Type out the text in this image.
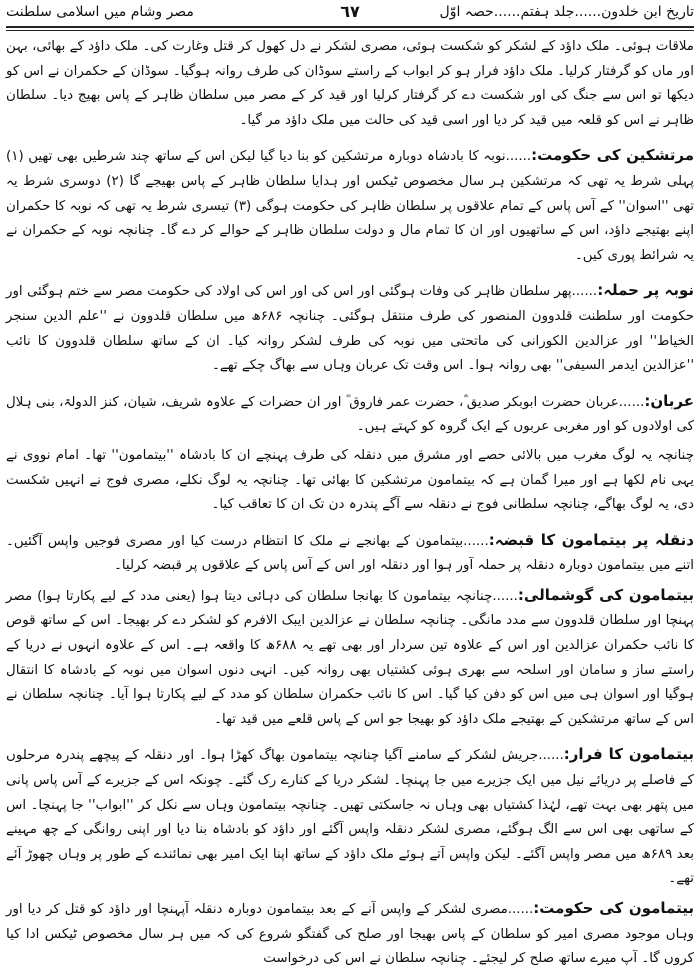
تاریخ ابن خلدون......جلد ہفتم......حصہ اوّل
٦٧
مصر وشام میں اسلامی سلطنت

ملاقات ہوئی۔ ملک داؤد کے لشکر کو شکست ہوئی، مصری لشکر نے دل کھول کر قتل وغارت کی۔ ملک داؤد کے بھائی، بہن اور ماں کو گرفتار کرلیا۔ ملک داؤد فرار ہو کر ابواب کے راستے سوڈان کی طرف روانہ ہوگیا۔ سوڈان کے حکمران نے اس کو دیکھا تو اس سے جنگ کی اور شکست دے کر گرفتار کرلیا اور قید کر کے مصر میں سلطان ظاہر کے پاس بھیج دیا۔ سلطان ظاہر نے اس کو قلعہ میں قید کر دیا اور اسی قید کی حالت میں ملک داؤد مر گیا۔

مرتشکین کی حکومت:......نوبہ کا بادشاہ دوبارہ مرتشکین کو بنا دیا گیا لیکن اس کے ساتھ چند شرطیں بھی تھیں (۱) پہلی شرط یہ تھی کہ مرتشکین ہر سال مخصوص ٹیکس اور ہدایا سلطان ظاہر کے پاس بھیجے گا (۲) دوسری شرط یہ تھی ''اسوان'' کے آس پاس کے تمام علاقوں پر سلطان ظاہر کی حکومت ہوگی (۳) تیسری شرط یہ تھی کہ نوبہ کا حکمران اپنے بھتیجے داؤد، اس کے ساتھیوں اور ان کا تمام مال و دولت سلطان ظاہر کے حوالے کر دے گا۔ چنانچہ نوبہ کے حکمران نے یہ شرائط پوری کیں۔

نوبہ پر حملہ:......پھر سلطان ظاہر کی وفات ہوگئی اور اس کی اور اس کی اولاد کی حکومت مصر سے ختم ہوگئی اور حکومت اور سلطنت قلدوون المنصور کی طرف منتقل ہوگئی۔ چنانچہ ۶۸۶ھ میں سلطان قلدوون نے ''علم الدین سنجر الخیاط'' اور عزالدین الکورانی کی ماتحتی میں نوبہ کی طرف لشکر روانہ کیا۔ ان کے ساتھ سلطان قلدوون کا نائب ''عزالدین ایدمر السیفی'' بھی روانہ ہوا۔ اس وقت تک عربان وہاں سے بھاگ چکے تھے۔

عربان:......عربان حضرت ابوبکر صدیق ؓ، حضرت عمر فاروق ؓ اور ان حضرات کے علاوہ شریف، شیان، کنز الدولۃ، بنی ہلال کی اولادوں کو اور مغربی عربوں کے ایک گروہ کو کہتے ہیں۔

چنانچہ یہ لوگ مغرب میں بالائی حصے اور مشرق میں دنقلہ کی طرف پہنچے ان کا بادشاہ ''بیتمامون'' تھا۔ امام نووی نے یہی نام لکھا ہے اور میرا گمان ہے کہ بیتمامون مرتشکین کا بھائی تھا۔ چنانچہ یہ لوگ نکلے، مصری فوج نے انہیں شکست دی، یہ لوگ بھاگے، چنانچہ سلطانی فوج نے دنقلہ سے آگے پندرہ دن تک ان کا تعاقب کیا۔

دنقلہ پر بیتمامون کا قبضہ:......بیتمامون کے بھانجے نے ملک کا انتظام درست کیا اور مصری فوجیں واپس آگئیں۔ اتنے میں بیتمامون دوبارہ دنقلہ پر حملہ آور ہوا اور دنقلہ اور اس کے آس پاس کے علاقوں پر قبضہ کرلیا۔

بیتمامون کی گوشمالی:......چنانچہ بیتمامون کا بھانجا سلطان کی دہائی دیتا ہوا (یعنی مدد کے لیے پکارتا ہوا) مصر پہنچا اور سلطان قلدوون سے مدد مانگی۔ چنانچہ سلطان نے عزالدین ایبک الافرم کو لشکر دے کر بھیجا۔ اس کے ساتھ قوص کا نائب حکمران عزالدین اور اس کے علاوہ تین سردار اور بھی تھے یہ ۶۸۸ھ کا واقعہ ہے۔ اس کے علاوہ انہوں نے دریا کے راستے ساز و سامان اور اسلحہ سے بھری ہوئی کشتیاں بھی روانہ کیں۔ انہی دنوں اسوان میں نوبہ کے بادشاہ کا انتقال ہوگیا اور اسوان ہی میں اس کو دفن کیا گیا۔ اس کا نائب حکمران سلطان کو مدد کے لیے پکارتا ہوا آیا۔ چنانچہ سلطان نے اس کے ساتھ مرتشکین کے بھتیجے ملک داؤد کو بھیجا جو اس کے پاس قلعے میں قید تھا۔

بیتمامون کا فرار:......جریش لشکر کے سامنے آگیا چنانچہ بیتمامون بھاگ کھڑا ہوا۔ اور دنقلہ کے پیچھے پندرہ مرحلوں کے فاصلے پر دریائے نیل میں ایک جزیرے میں جا پہنچا۔ لشکر دریا کے کنارے رک گئے۔ چونکہ اس کے جزیرے کے آس پاس پانی میں پتھر بھی بہت تھے، لہٰذا کشتیاں بھی وہاں نہ جاسکتی تھیں۔ چنانچہ بیتمامون وہاں سے نکل کر ''ابواب'' جا پہنچا۔ اس کے ساتھی بھی اس سے الگ ہوگئے، مصری لشکر دنقلہ واپس آگئے اور داؤد کو بادشاہ بنا دیا اور اپنی روانگی کے چھ مہینے بعد ۶۸۹ھ میں مصر واپس آگئے۔ لیکن واپس آتے ہوئے ملک داؤد کے ساتھ اپنا ایک امیر بھی نمائندے کے طور پر وہاں چھوڑ آئے تھے۔

بیتمامون کی حکومت:......مصری لشکر کے واپس آنے کے بعد بیتمامون دوبارہ دنقلہ آپہنچا اور داؤد کو قتل کر دیا اور وہاں موجود مصری امیر کو سلطان کے پاس بھیجا اور صلح کی گفتگو شروع کی کہ میں ہر سال مخصوص ٹیکس ادا کیا کروں گا۔ آپ میرے ساتھ صلح کر لیجئے۔ چنانچہ سلطان نے اس کی درخواست
